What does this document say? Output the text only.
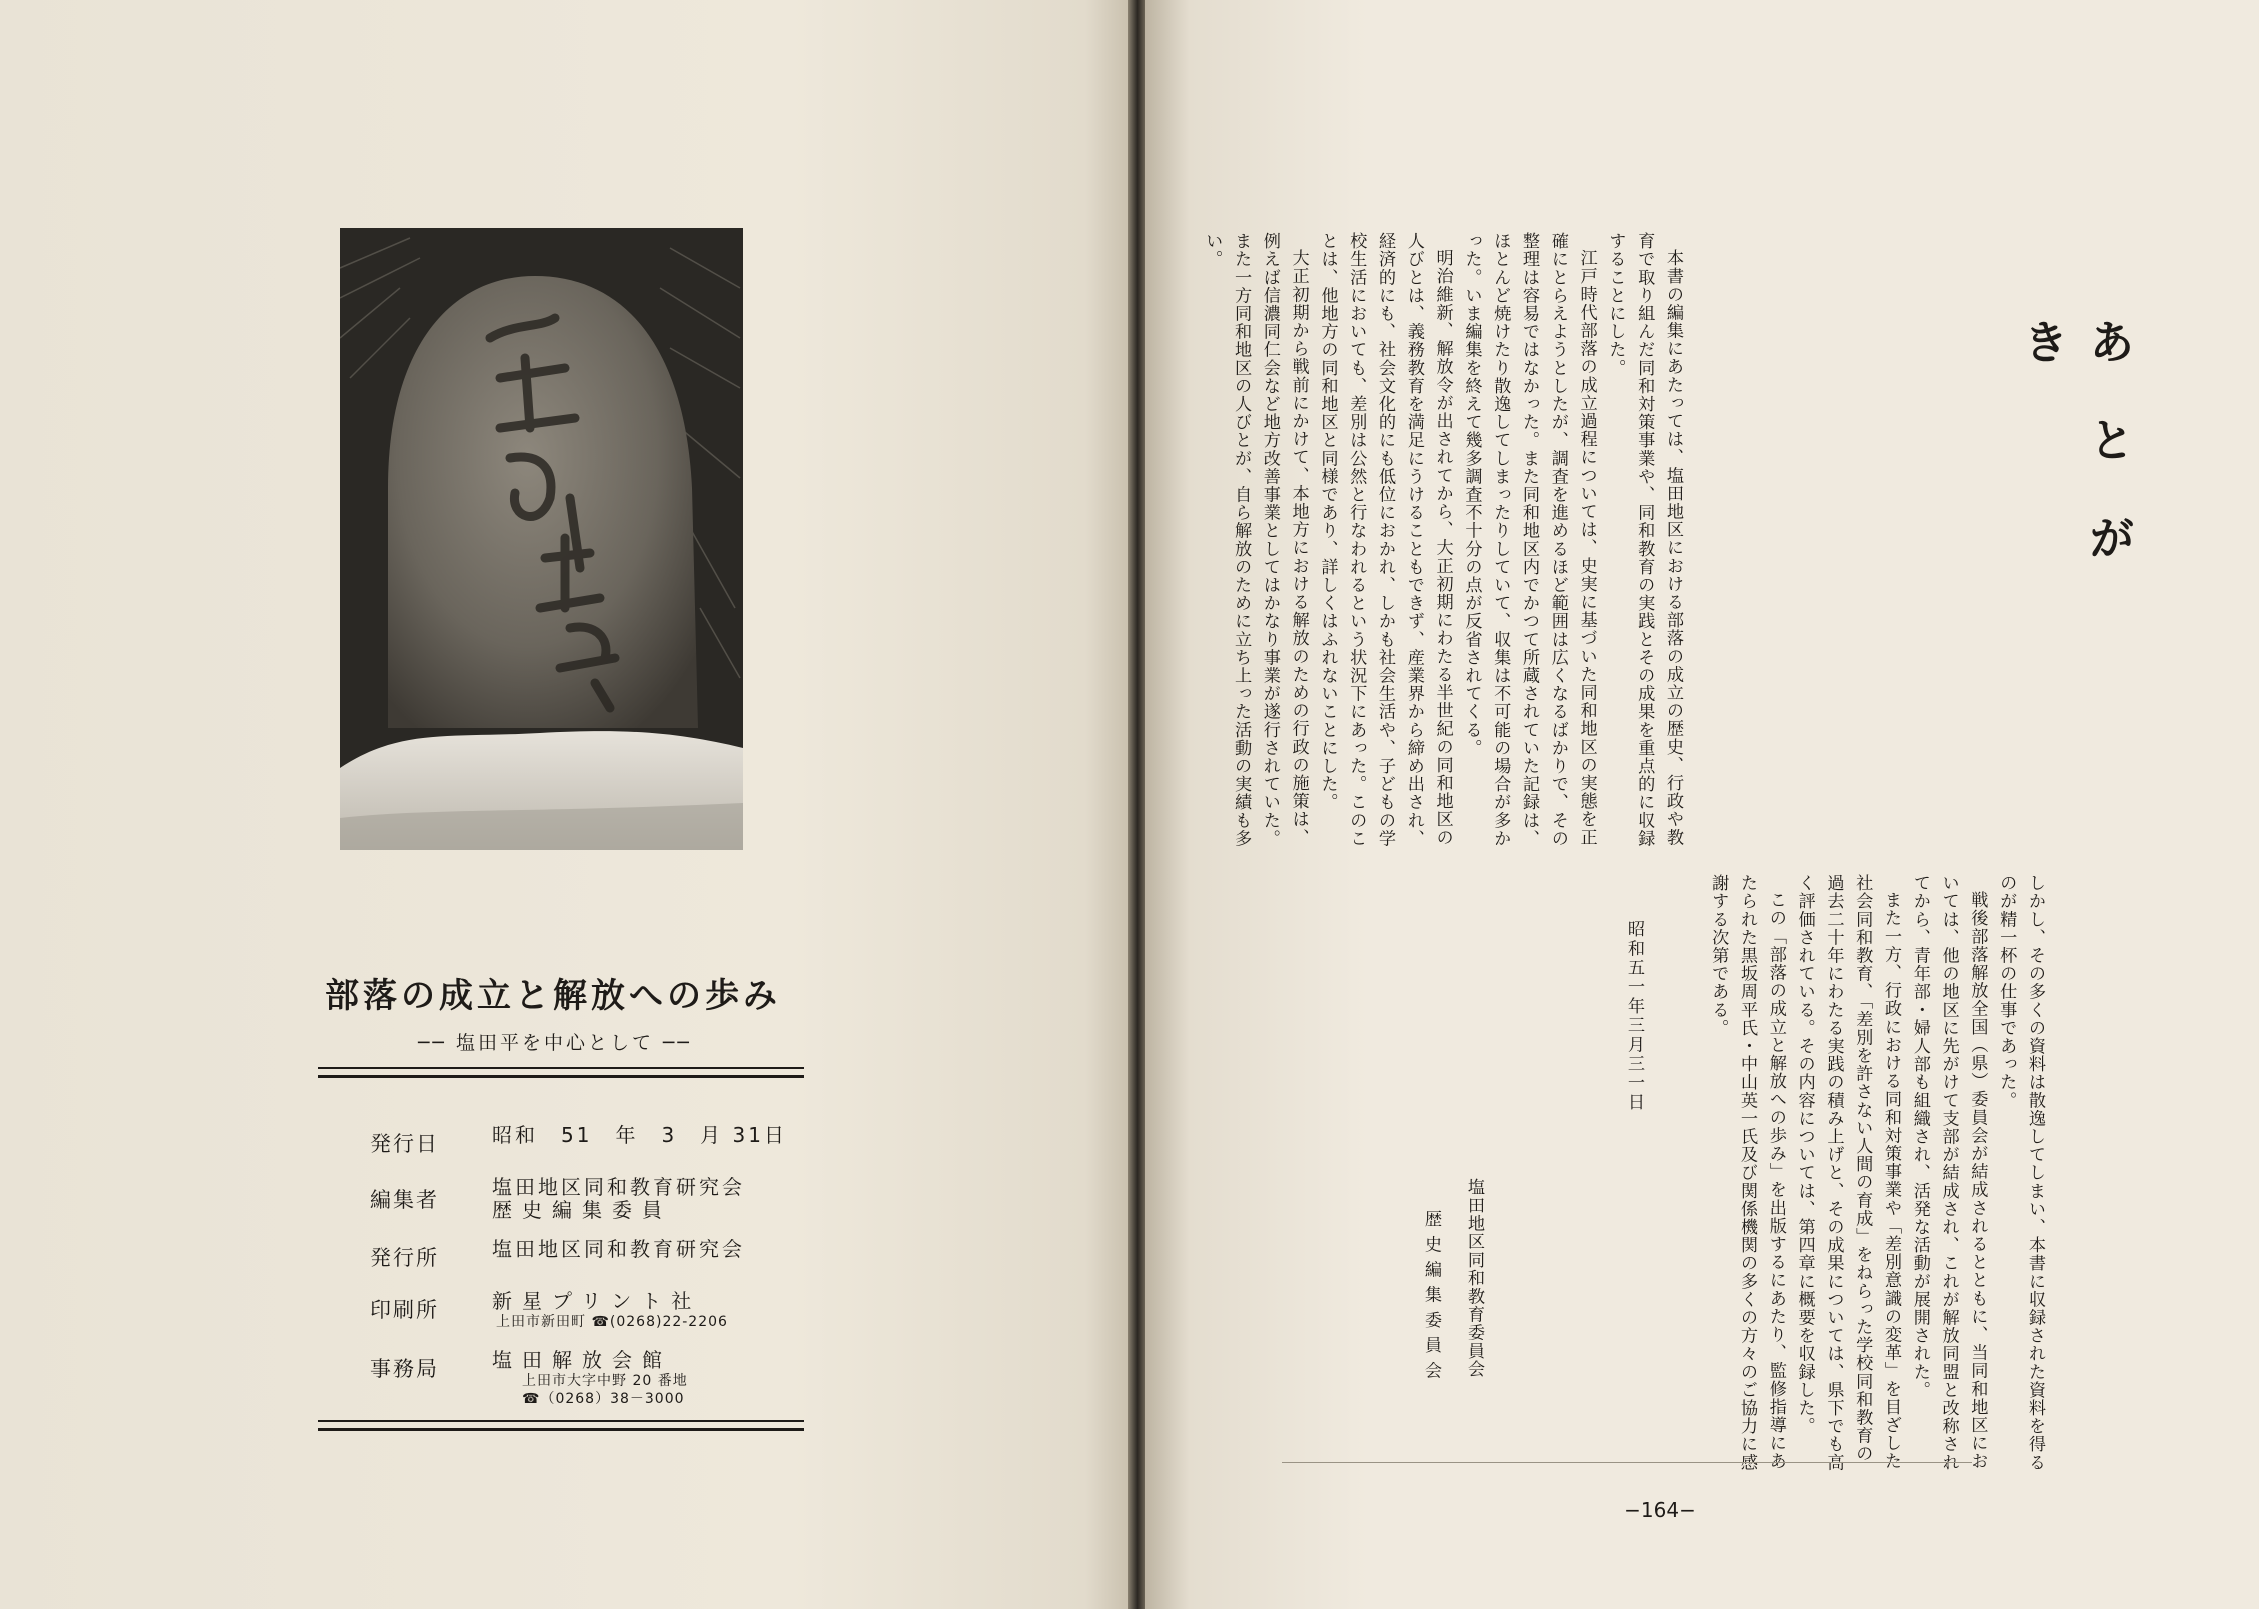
部落の成立と解放への歩み
── 塩田平を中心として ──
発行日	昭和　51　年　3　月 31日
編集者
塩田地区同和教育研究会
歴史編集委員
発行所	塩田地区同和教育研究会
印刷所	新星プリント社
上田市新田町 ☎(0268)22-2206
事務局	塩田解放会館
上田市大字中野 20 番地
☎（0268）38－3000
あとがき

本書の編集にあたっては、塩田地区における部落の成立の歴史、行政や教育で取り組んだ同和対策事業や、同和教育の実践とその成果を重点的に収録することにした。

江戸時代部落の成立過程については、史実に基づいた同和地区の実態を正確にとらえようとしたが、調査を進めるほど範囲は広くなるばかりで、その整理は容易ではなかった。また同和地区内でかつて所蔵されていた記録は、ほとんど焼けたり散逸してしまったりしていて、収集は不可能の場合が多かった。いま編集を終えて幾多調査不十分の点が反省されてくる。

明治維新、解放令が出されてから、大正初期にわたる半世紀の同和地区の人びとは、義務教育を満足にうけることもできず、産業界から締め出され、経済的にも、社会文化的にも低位におかれ、しかも社会生活や、子どもの学校生活においても、差別は公然と行なわれるという状況下にあった。このことは、他地方の同和地区と同様であり、詳しくはふれないことにした。

大正初期から戦前にかけて、本地方における解放のための行政の施策は、例えば信濃同仁会など地方改善事業としてはかなり事業が遂行されていた。また一方同和地区の人びとが、自ら解放のために立ち上った活動の実績も多い。

しかし、その多くの資料は散逸してしまい、本書に収録された資料を得るのが精一杯の仕事であった。

戦後部落解放全国（県）委員会が結成されるとともに、当同和地区においては、他の地区に先がけて支部が結成され、これが解放同盟と改称されてから、青年部・婦人部も組織され、活発な活動が展開された。

また一方、行政における同和対策事業や「差別意識の変革」を目ざした社会同和教育、「差別を許さない人間の育成」をねらった学校同和教育の過去二十年にわたる実践の積み上げと、その成果については、県下でも高く評価されている。その内容については、第四章に概要を収録した。

この「部落の成立と解放への歩み」を出版するにあたり、監修指導にあたられた黒坂周平氏・中山英一氏及び関係機関の多くの方々のご協力に感謝する次第である。

昭和五一年三月三一日
塩田地区同和教育委員会
歴史編集委員会
−164−
